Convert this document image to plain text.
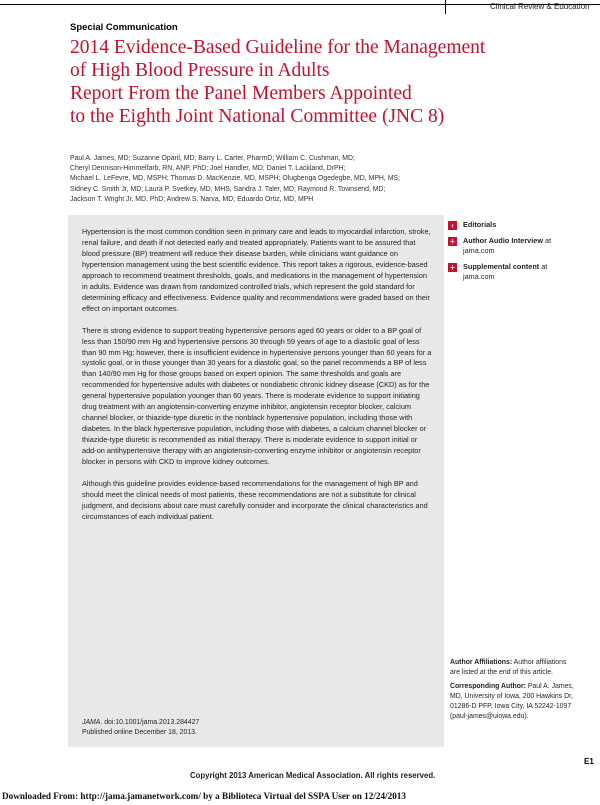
Clinical Review & Education
Special Communication
2014 Evidence-Based Guideline for the Management
of High Blood Pressure in Adults
Report From the Panel Members Appointed
to the Eighth Joint National Committee (JNC 8)
Paul A. James, MD; Suzanne Oparil, MD; Barry L. Carter, PharmD; William C. Cushman, MD;
Cheryl Dennison-Himmelfarb, RN, ANP, PhD; Joel Handler, MD; Daniel T. Lackland, DrPH;
Michael L. LeFevre, MD, MSPH; Thomas D. MacKenzie, MD, MSPH; Olugbenga Ogedegbe, MD, MPH, MS;
Sidney C. Smith Jr, MD; Laura P. Svetkey, MD, MHS; Sandra J. Taler, MD; Raymond R. Townsend, MD;
Jackson T. Wright Jr, MD, PhD; Andrew S. Narva, MD; Eduardo Ortiz, MD, MPH

Hypertension is the most common condition seen in primary care and leads to myocardial infarction, stroke, renal failure, and death if not detected early and treated appropriately. Patients want to be assured that blood pressure (BP) treatment will reduce their disease burden, while clinicians want guidance on hypertension management using the best scientific evidence. This report takes a rigorous, evidence-based approach to recommend treatment thresholds, goals, and medications in the management of hypertension in adults. Evidence was drawn from randomized controlled trials, which represent the gold standard for determining efficacy and effectiveness. Evidence quality and recommendations were graded based on their effect on important outcomes.

There is strong evidence to support treating hypertensive persons aged 60 years or older to a BP goal of less than 150/90 mm Hg and hypertensive persons 30 through 59 years of age to a diastolic goal of less than 90 mm Hg; however, there is insufficient evidence in hypertensive persons younger than 60 years for a systolic goal, or in those younger than 30 years for a diastolic goal, so the panel recommends a BP of less than 140/90 mm Hg for those groups based on expert opinion. The same thresholds and goals are recommended for hypertensive adults with diabetes or nondiabetic chronic kidney disease (CKD) as for the general hypertensive population younger than 60 years. There is moderate evidence to support initiating drug treatment with an angiotensin-converting enzyme inhibitor, angiotensin receptor blocker, calcium channel blocker, or thiazide-type diuretic in the nonblack hypertensive population, including those with diabetes. In the black hypertensive population, including those with diabetes, a calcium channel blocker or thiazide-type diuretic is recommended as initial therapy. There is moderate evidence to support initial or add-on antihypertensive therapy with an angiotensin-converting enzyme inhibitor or angiotensin receptor blocker in persons with CKD to improve kidney outcomes.

Although this guideline provides evidence-based recommendations for the management of high BP and should meet the clinical needs of most patients, these recommendations are not a substitute for clinical judgment, and decisions about care must carefully consider and incorporate the clinical characteristics and circumstances of each individual patient.

JAMA. doi:10.1001/jama.2013.284427
Published online December 18, 2013.
‹	Editorials
+ Author Audio Interview at jama.com
+ Supplemental content at jama.com

Author Affiliations: Author affiliations are listed at the end of this article.

Corresponding Author: Paul A. James, MD, University of Iowa, 200 Hawkins Dr, 01286-D PFP, Iowa City, IA 52242-1097 (paul-james@uiowa.edu).

E1
Copyright 2013 American Medical Association. All rights reserved.
Downloaded From: http://jama.jamanetwork.com/ by a Biblioteca Virtual del SSPA User on 12/24/2013
